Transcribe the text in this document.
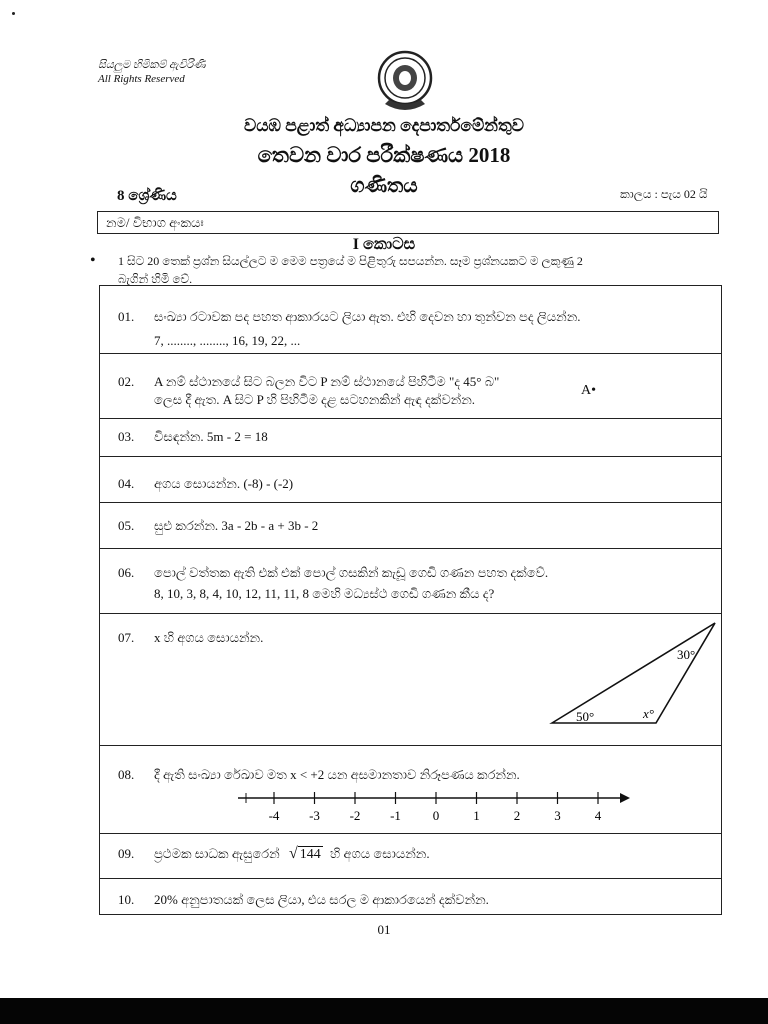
සියලුම හිමිකම් ඇවිරිණි
All Rights Reserved
වයඹ පළාත් අධ්‍යාපන දෙපාර්තමේන්තුව
තෙවන වාර පරීක්ෂණය 2018
ගණිතය
8 ශ්‍රේණිය	කාලය : පැය 02 යි
නම/ විභාග අංකයඃ
I කොටස
•	1 සිට 20 තෙක් ප්‍රශ්න සියල්ලට ම මෙම පත්‍රයේ ම පිළිතුරු සපයන්න. සෑම ප්‍රශ්නයකට ම ලකුණු 2
බැගින් හිමි වේ.
01. සංඛ්‍යා රටාවක පද පහත ආකාරයට ලියා ඇත. එහි දෙවන හා තුන්වන පද ලියන්න.
7, ........, ........, 16, 19, 22, ...
02. A නම් ස්ථානයේ සිට බලන විට P නම් ස්ථානයේ පිහිටීම "ද 45° බ"
ලෙස දී ඇත. A සිට P හි පිහිටීම දළ සටහනකින් ඇඳ දක්වන්න.
A•
03. විසඳන්න. 5m - 2 = 18
04. අගය සොයන්න. (-8) - (-2)
05. සුළු කරන්න. 3a - 2b - a + 3b - 2
06. පොල් වත්තක ඇති එක් එක් පොල් ගසකින් කැඩූ ගෙඩි ගණන පහත දක්වේ.
8, 10, 3, 8, 4, 10, 12, 11, 11, 8 මෙහි මධ්‍යස්ථ ගෙඩි ගණන කීය ද?
07. x හි අගය සොයන්න.
30°
50°	x°
08. දී ඇති සංඛ්‍යා රේඛාව මත x < +2 යන අසමානතාව නිරූපණය කරන්න.
-4 -3 -2 -1 0	1	2	3	4
09. ප්‍රථමක සාධක ඇසුරෙන් √ 144 හි අගය සොයන්න.
10. 20% අනුපාතයක් ලෙස ලියා, එය සරල ම ආකාරයෙන් දක්වන්න.
01
